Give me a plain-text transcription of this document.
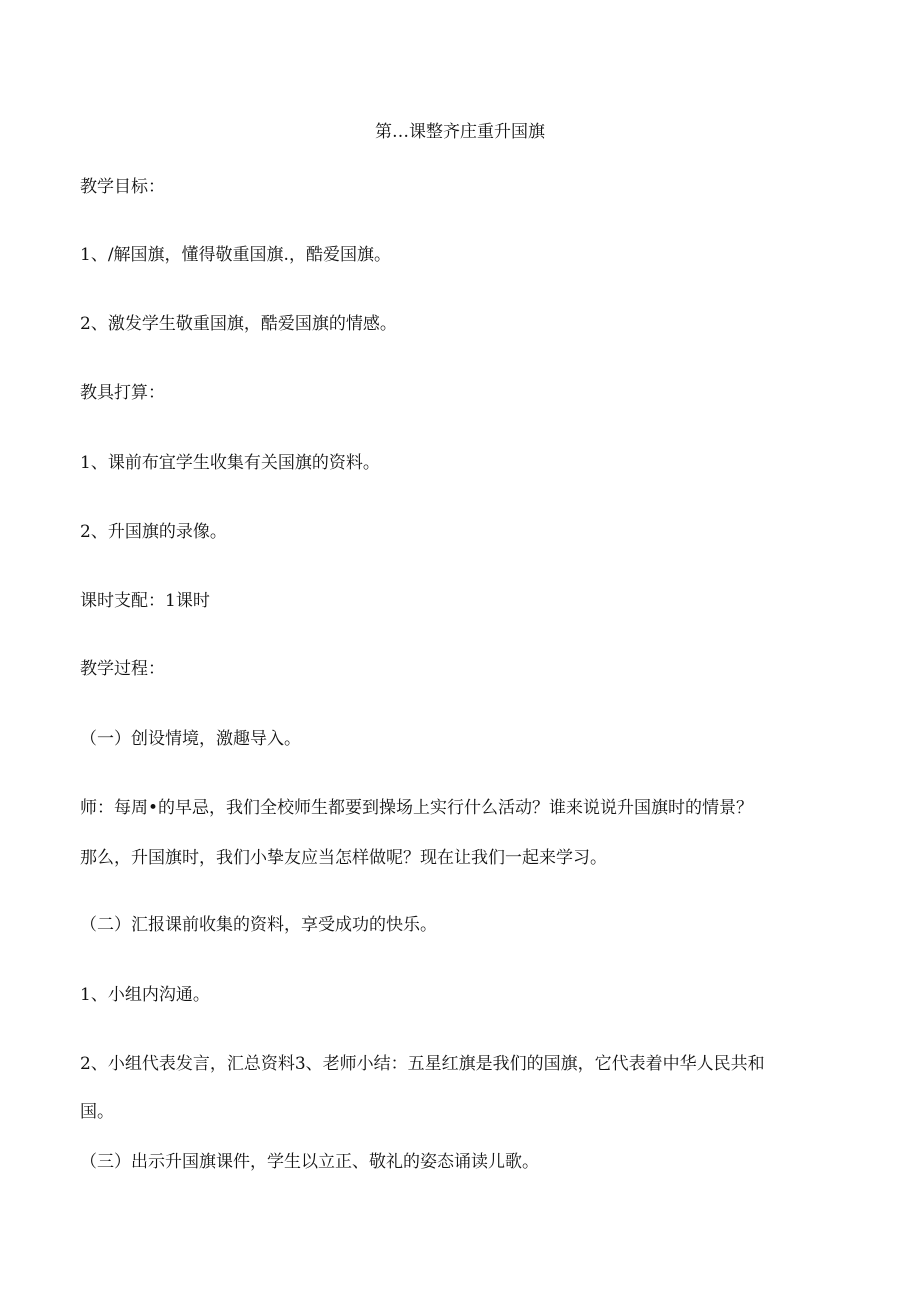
第…课整齐庄重升国旗
教学目标：
1、/解国旗，懂得敬重国旗.，酷爱国旗。
2、激发学生敬重国旗，酷爱国旗的情感。
教具打算：
1、课前布宜学生收集有关国旗的资料。
2、升国旗的录像。
课时支配：1课时
教学过程：
（一）创设情境，激趣导入。
师：每周•的早忌，我们全校师生都要到操场上实行什么活动？谁来说说升国旗时的情景？
那么，升国旗时，我们小挚友应当怎样做呢？现在让我们一起来学习。
（二）汇报课前收集的资料，享受成功的快乐。
1、小组内沟通。
2、小组代表发言，汇总资料3、老师小结：五星红旗是我们的国旗，它代表着中华人民共和
国。
（三）出示升国旗课件，学生以立正、敬礼的姿态诵读儿歌。
